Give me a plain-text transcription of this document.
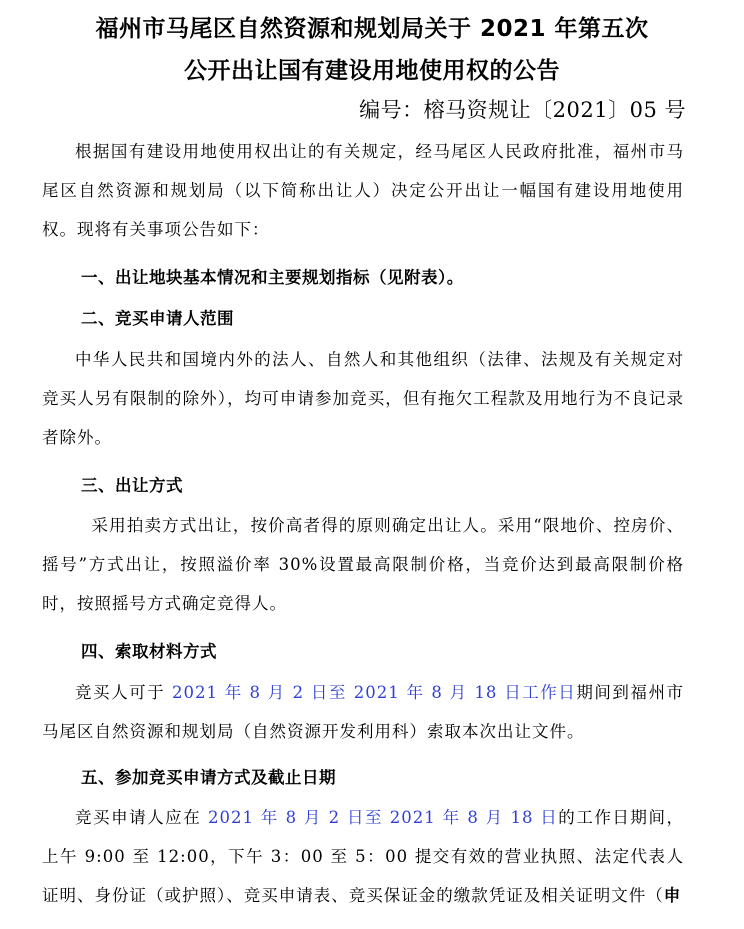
福州市马尾区自然资源和规划局关于 2021 年第五次
公开出让国有建设用地使用权的公告
编号：榕马资规让〔2021〕05 号
根据国有建设用地使用权出让的有关规定，经马尾区人民政府批准，福州市马尾区自然资源和规划局（以下简称出让人）决定公开出让一幅国有建设用地使用权。现将有关事项公告如下：
一、出让地块基本情况和主要规划指标（见附表）。
二、竞买申请人范围
中华人民共和国境内外的法人、自然人和其他组织（法律、法规及有关规定对竞买人另有限制的除外），均可申请参加竞买，但有拖欠工程款及用地行为不良记录者除外。
三、出让方式
采用拍卖方式出让，按价高者得的原则确定出让人。采用“限地价、控房价、摇号”方式出让，按照溢价率 30%设置最高限制价格，当竞价达到最高限制价格时，按照摇号方式确定竞得人。
四、索取材料方式
竞买人可于 2021 年 8 月 2 日至 2021 年 8 月 18 日工作日期间到福州市马尾区自然资源和规划局（自然资源开发利用科）索取本次出让文件。
五、参加竞买申请方式及截止日期
竞买申请人应在 2021 年 8 月 2 日至 2021 年 8 月 18 日的工作日期间，上午 9:00 至 12:00，下午 3：00 至 5：00 提交有效的营业执照、法定代表人证明、身份证（或护照）、竞买申请表、竞买保证金的缴款凭证及相关证明文件（申
